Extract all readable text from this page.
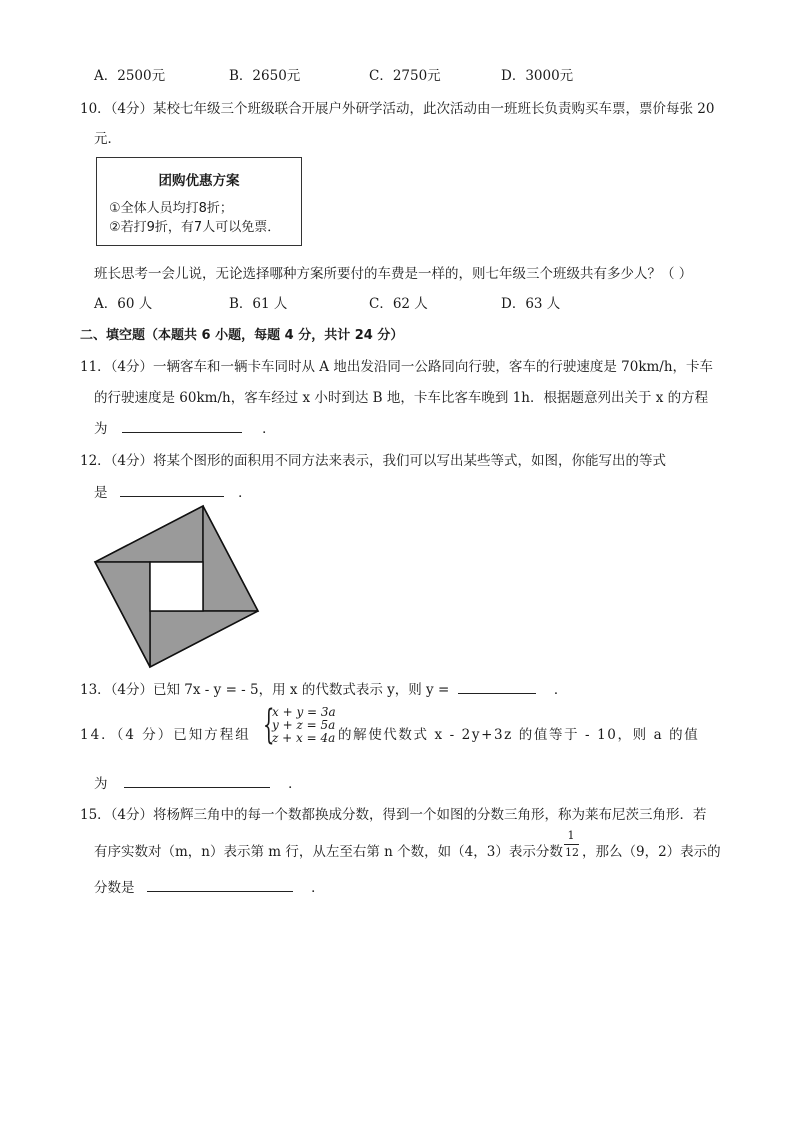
A．2500元	B．2650元	C．2750元	D．3000元
10．（4分）某校七年级三个班级联合开展户外研学活动，此次活动由一班班长负责购买车票，票价每张 20
元．
团购优惠方案
①全体人员均打8折；
②若打9折，有7人可以免票．
班长思考一会儿说，无论选择哪种方案所要付的车费是一样的，则七年级三个班级共有多少人？（ ）
A．60 人	B．61 人	C．62 人	D．63 人
二、填空题（本题共 6 小题，每题 4 分，共计 24 分）
11．（4分）一辆客车和一辆卡车同时从 A 地出发沿同一公路同向行驶，客车的行驶速度是 70km/h，卡车
的行驶速度是 60km/h，客车经过 x 小时到达 B 地，卡车比客车晚到 1h．根据题意列出关于 x 的方程
为	．
12．（4分）将某个图形的面积用不同方法来表示，我们可以写出某些等式，如图，你能写出的等式
是	．
13．（4分）已知 7x - y = - 5，用 x 的代数式表示 y，则 y =	．
14．（4 分）已知方程组 {
x + y = 3a
y + z = 5a
z + x = 4a 的解使代数式 x - 2y+3z 的值等于 - 10，则 a 的值
为	．
15．（4分）将杨辉三角中的每一个数都换成分数，得到一个如图的分数三角形，称为莱布尼茨三角形．若
有序实数对（m，n）表示第 m 行，从左至右第 n 个数，如（4，3）表示分数
1
12 ，那么（9，2）表示的
分数是	．
